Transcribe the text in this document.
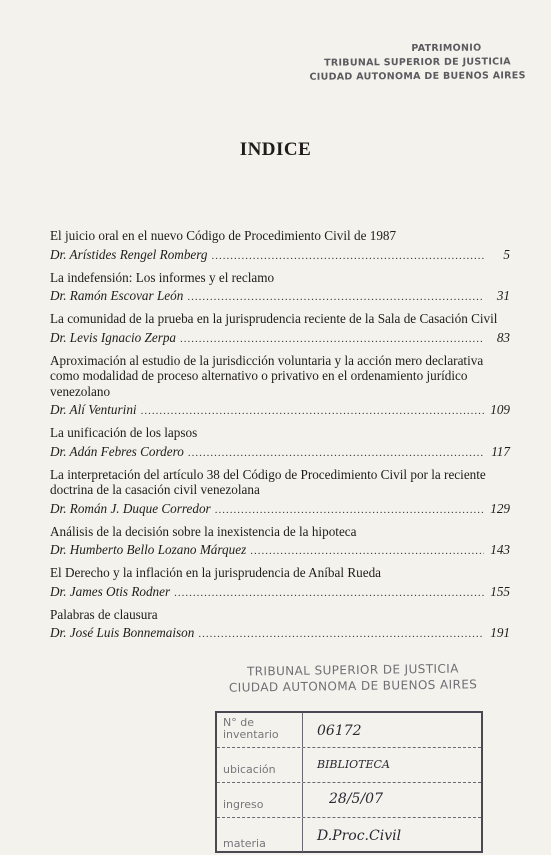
PATRIMONIO
TRIBUNAL SUPERIOR DE JUSTICIA
CIUDAD AUTONOMA DE BUENOS AIRES
INDICE
El juicio oral en el nuevo Código de Procedimiento Civil de 1987
Dr. Arístides Rengel Romberg .....	5
La indefensión: Los informes y el reclamo
Dr. Ramón Escovar León .....	31
La comunidad de la prueba en la jurisprudencia reciente de la Sala de Casación Civil
Dr. Levis Ignacio Zerpa .....	83
Aproximación al estudio de la jurisdicción voluntaria y la acción mero declarativa como modalidad de proceso alternativo o privativo en el ordenamiento jurídico venezolano
Dr. Alí Venturini .....	109
La unificación de los lapsos
Dr. Adán Febres Cordero .....	117
La interpretación del artículo 38 del Código de Procedimiento Civil por la reciente doctrina de la casación civil venezolana
Dr. Román J. Duque Corredor .....	129
Análisis de la decisión sobre la inexistencia de la hipoteca
Dr. Humberto Bello Lozano Márquez .....	143
El Derecho y la inflación en la jurisprudencia de Aníbal Rueda
Dr. James Otis Rodner .....	155
Palabras de clausura
Dr. José Luis Bonnemaison .....	191
TRIBUNAL SUPERIOR DE JUSTICIA
CIUDAD AUTONOMA DE BUENOS AIRES
N° de inventario	06172
ubicación	BIBLIOTECA
ingreso	28/5/07
materia	D.Proc.Civil
